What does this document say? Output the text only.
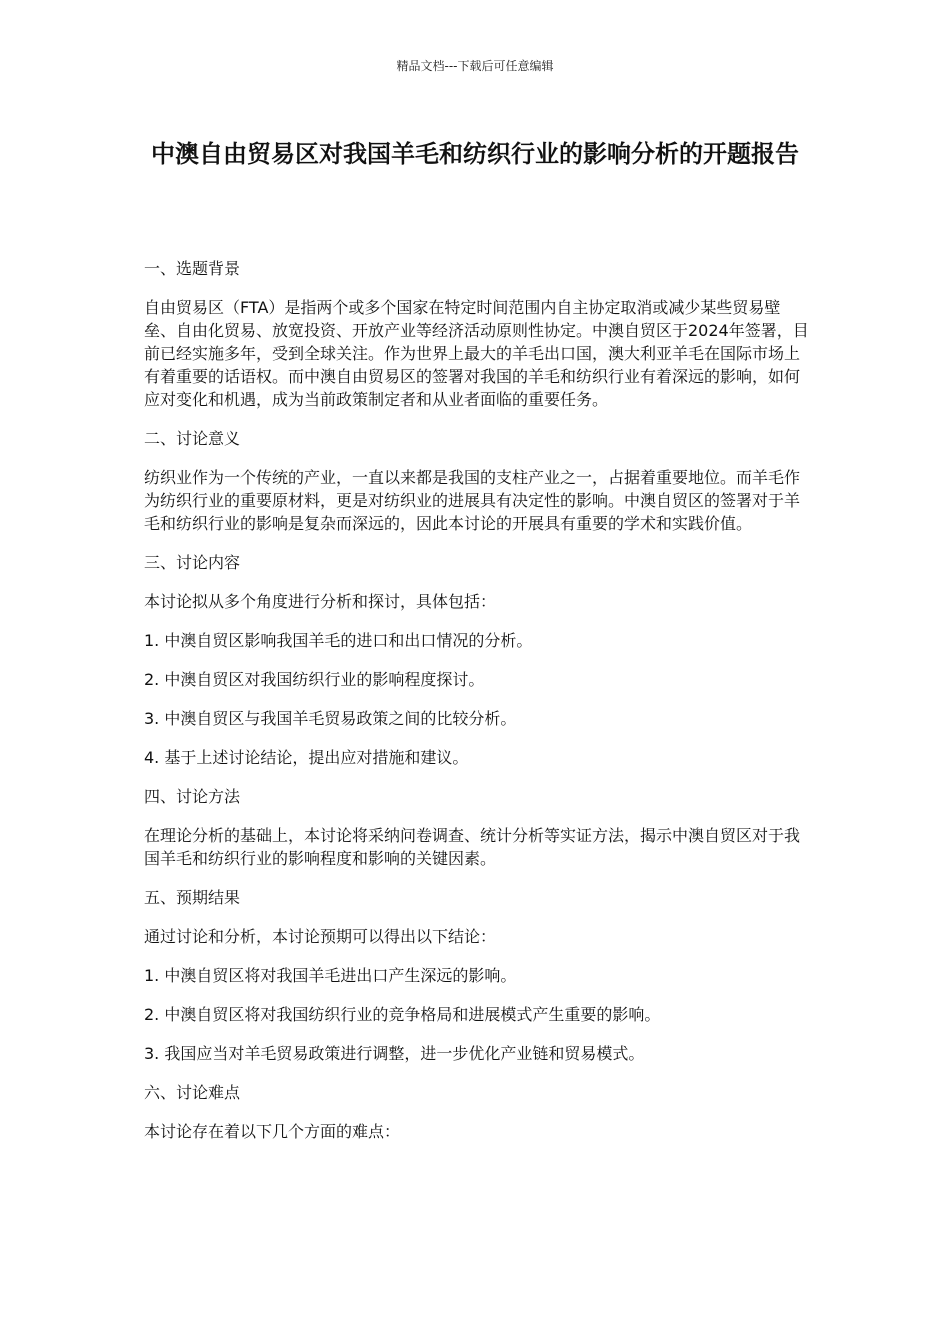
精品文档---下载后可任意编辑
中澳自由贸易区对我国羊毛和纺织行业的影响分析的开题报告

一、选题背景

自由贸易区（FTA）是指两个或多个国家在特定时间范围内自主协定取消或减少某些贸易壁垒、自由化贸易、放宽投资、开放产业等经济活动原则性协定。中澳自贸区于2024年签署，目前已经实施多年，受到全球关注。作为世界上最大的羊毛出口国，澳大利亚羊毛在国际市场上有着重要的话语权。而中澳自由贸易区的签署对我国的羊毛和纺织行业有着深远的影响，如何应对变化和机遇，成为当前政策制定者和从业者面临的重要任务。

二、讨论意义

纺织业作为一个传统的产业，一直以来都是我国的支柱产业之一，占据着重要地位。而羊毛作为纺织行业的重要原材料，更是对纺织业的进展具有决定性的影响。中澳自贸区的签署对于羊毛和纺织行业的影响是复杂而深远的，因此本讨论的开展具有重要的学术和实践价值。

三、讨论内容

本讨论拟从多个角度进行分析和探讨，具体包括：

1. 中澳自贸区影响我国羊毛的进口和出口情况的分析。

2. 中澳自贸区对我国纺织行业的影响程度探讨。

3. 中澳自贸区与我国羊毛贸易政策之间的比较分析。

4. 基于上述讨论结论，提出应对措施和建议。

四、讨论方法

在理论分析的基础上，本讨论将采纳问卷调查、统计分析等实证方法，揭示中澳自贸区对于我国羊毛和纺织行业的影响程度和影响的关键因素。

五、预期结果

通过讨论和分析，本讨论预期可以得出以下结论：

1. 中澳自贸区将对我国羊毛进出口产生深远的影响。

2. 中澳自贸区将对我国纺织行业的竞争格局和进展模式产生重要的影响。

3. 我国应当对羊毛贸易政策进行调整，进一步优化产业链和贸易模式。

六、讨论难点

本讨论存在着以下几个方面的难点：
